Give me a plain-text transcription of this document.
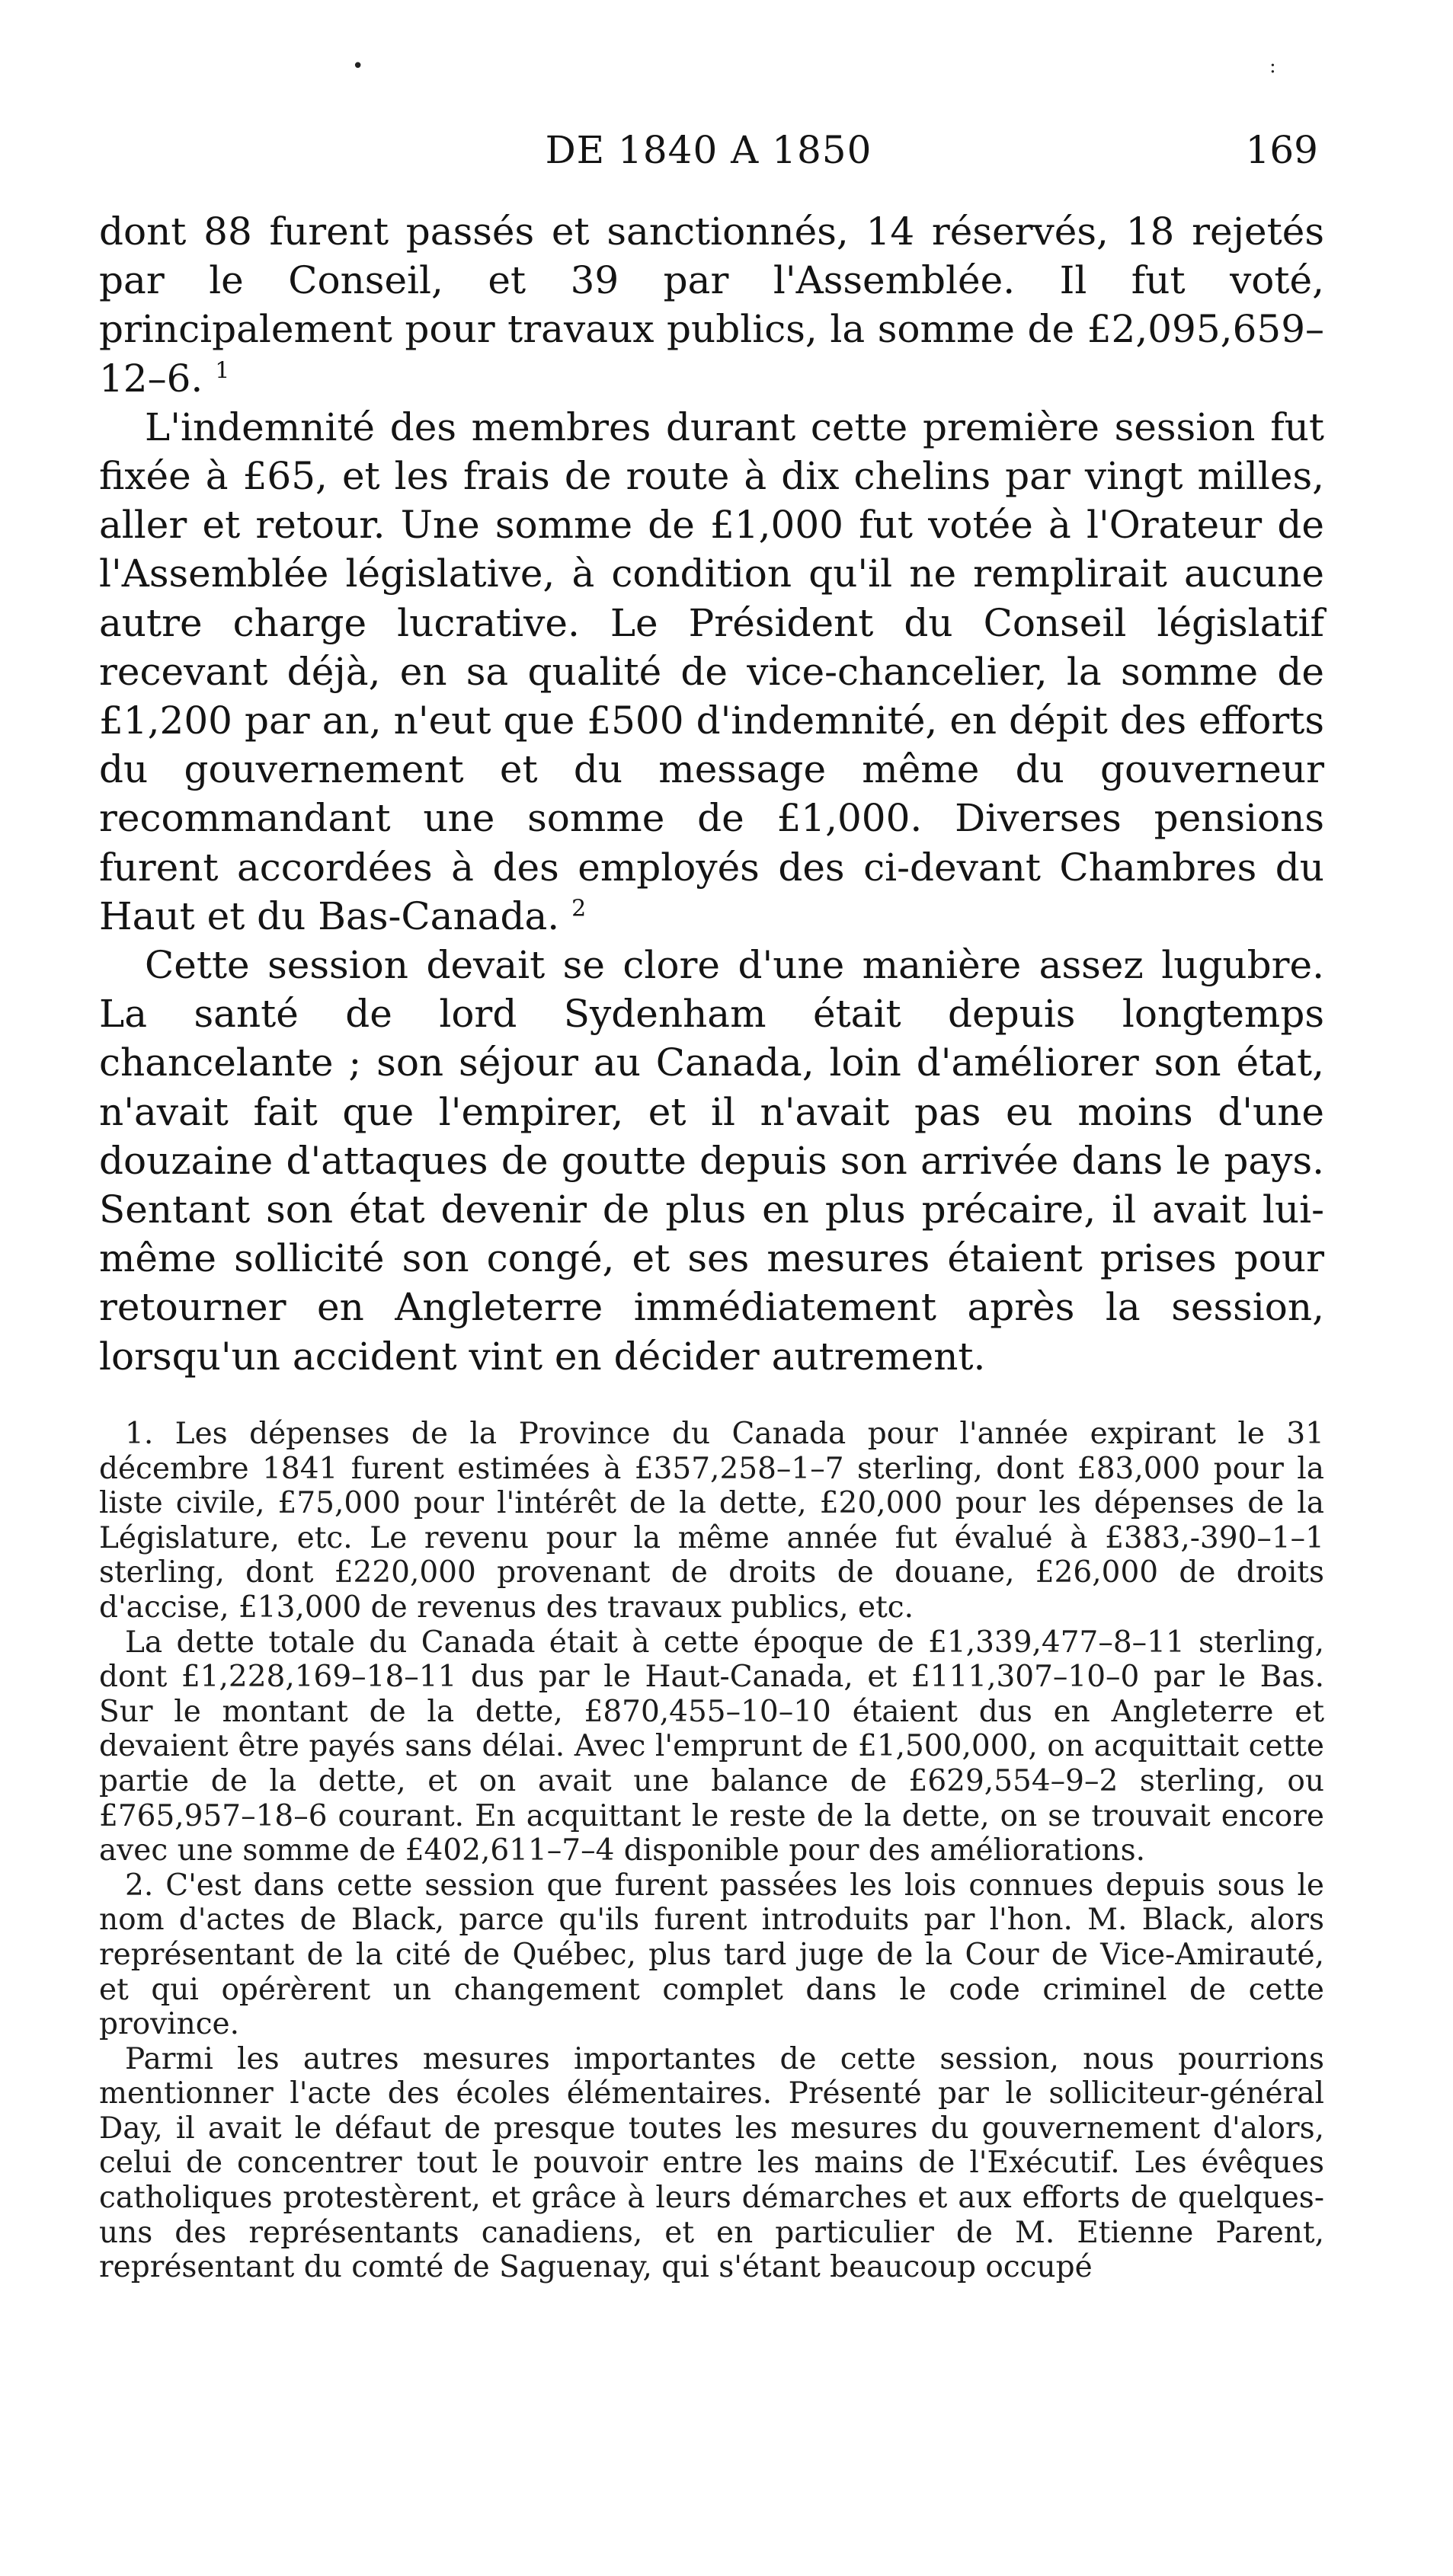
•	:
DE 1840 A 1850	169

dont 88 furent passés et sanctionnés, 14 réservés, 18 rejetés par le Conseil, et 39 par l'Assemblée. Il fut voté, principalement pour travaux publics, la somme de £2,095,659–12–6. $^1$

L'indemnité des membres durant cette première session fut fixée à £65, et les frais de route à dix chelins par vingt milles, aller et retour. Une somme de £1,000 fut votée à l'Orateur de l'Assemblée législative, à condition qu'il ne remplirait aucune autre charge lucrative. Le Président du Conseil législatif recevant déjà, en sa qualité de vice-chancelier, la somme de £1,200 par an, n'eut que £500 d'indemnité, en dépit des efforts du gouvernement et du message même du gouverneur recommandant une somme de £1,000. Diverses pensions furent accordées à des employés des ci-devant Chambres du Haut et du Bas-Canada. $^2$

Cette session devait se clore d'une manière assez lugubre. La santé de lord Sydenham était depuis longtemps chancelante ; son séjour au Canada, loin d'améliorer son état, n'avait fait que l'empirer, et il n'avait pas eu moins d'une douzaine d'attaques de goutte depuis son arrivée dans le pays. Sentant son état devenir de plus en plus précaire, il avait lui-même sollicité son congé, et ses mesures étaient prises pour retourner en Angleterre immédiatement après la session, lorsqu'un accident vint en décider autrement.

1. Les dépenses de la Province du Canada pour l'année expirant le 31 décembre 1841 furent estimées à £357,258–1–7 sterling, dont £83,000 pour la liste civile, £75,000 pour l'intérêt de la dette, £20,000 pour les dépenses de la Législature, etc. Le revenu pour la même année fut évalué à £383,-390–1–1 sterling, dont £220,000 provenant de droits de douane, £26,000 de droits d'accise, £13,000 de revenus des travaux publics, etc.

La dette totale du Canada était à cette époque de £1,339,477–8–11 sterling, dont £1,228,169–18–11 dus par le Haut-Canada, et £111,307–10–0 par le Bas. Sur le montant de la dette, £870,455–10–10 étaient dus en Angleterre et devaient être payés sans délai. Avec l'emprunt de £1,500,000, on acquittait cette partie de la dette, et on avait une balance de £629,554–9–2 sterling, ou £765,957–18–6 courant. En acquittant le reste de la dette, on se trouvait encore avec une somme de £402,611–7–4 disponible pour des améliorations.

2. C'est dans cette session que furent passées les lois connues depuis sous le nom d'actes de Black, parce qu'ils furent introduits par l'hon. M. Black, alors représentant de la cité de Québec, plus tard juge de la Cour de Vice-Amirauté, et qui opérèrent un changement complet dans le code criminel de cette province.

Parmi les autres mesures importantes de cette session, nous pourrions mentionner l'acte des écoles élémentaires. Présenté par le solliciteur-général Day, il avait le défaut de presque toutes les mesures du gouvernement d'alors, celui de concentrer tout le pouvoir entre les mains de l'Exécutif. Les évêques catholiques protestèrent, et grâce à leurs démarches et aux efforts de quelques-uns des représentants canadiens, et en particulier de M. Etienne Parent, représentant du comté de Saguenay, qui s'étant beaucoup occupé
